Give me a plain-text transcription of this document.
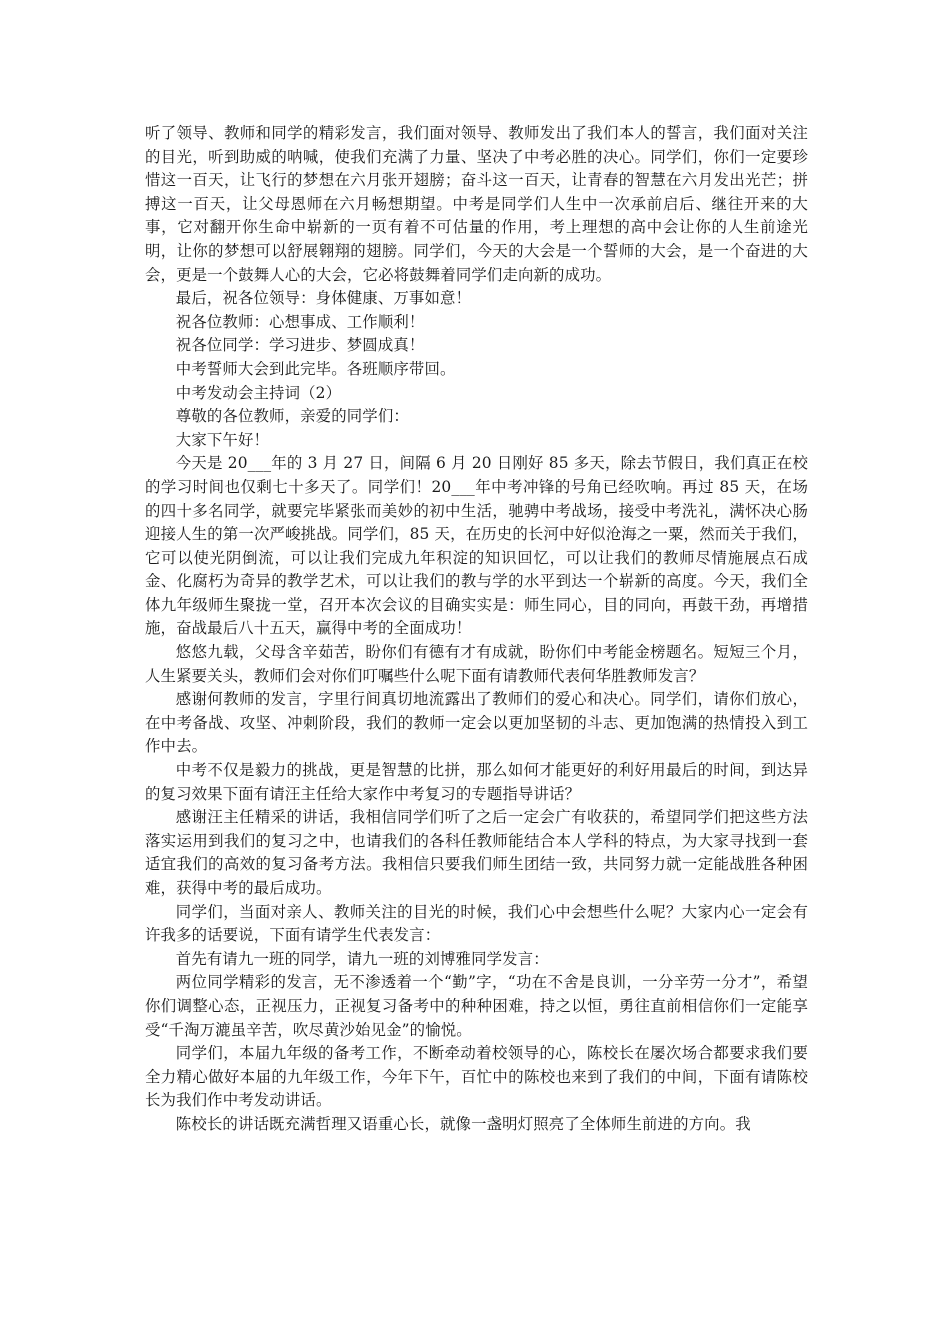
听了领导、教师和同学的精彩发言，我们面对领导、教师发出了我们本人的誓言，我们面对关注的目光，听到助威的呐喊，使我们充满了力量、坚决了中考必胜的决心。同学们，你们一定要珍惜这一百天，让飞行的梦想在六月张开翅膀；奋斗这一百天，让青春的智慧在六月发出光芒；拼搏这一百天，让父母恩师在六月畅想期望。中考是同学们人生中一次承前启后、继往开来的大事，它对翻开你生命中崭新的一页有着不可估量的作用，考上理想的高中会让你的人生前途光明，让你的梦想可以舒展翱翔的翅膀。同学们，今天的大会是一个誓师的大会，是一个奋进的大会，更是一个鼓舞人心的大会，它必将鼓舞着同学们走向新的成功。

最后，祝各位领导：身体健康、万事如意！

祝各位教师：心想事成、工作顺利！

祝各位同学：学习进步、梦圆成真！

中考誓师大会到此完毕。各班顺序带回。

中考发动会主持词（2）

尊敬的各位教师，亲爱的同学们：

大家下午好！

今天是 20___年的 3 月 27 日，间隔 6 月 20 日刚好 85 多天，除去节假日，我们真正在校的学习时间也仅剩七十多天了。同学们！20___年中考冲锋的号角已经吹响。再过 85 天，在场的四十多名同学，就要完毕紧张而美妙的初中生活，驰骋中考战场，接受中考洗礼，满怀决心肠迎接人生的第一次严峻挑战。同学们，85 天，在历史的长河中好似沧海之一粟，然而关于我们，它可以使光阴倒流，可以让我们完成九年积淀的知识回忆，可以让我们的教师尽情施展点石成金、化腐朽为奇异的教学艺术，可以让我们的教与学的水平到达一个崭新的高度。今天，我们全体九年级师生聚拢一堂，召开本次会议的目确实实是：师生同心，目的同向，再鼓干劲，再增措施，奋战最后八十五天，赢得中考的全面成功！

悠悠九载，父母含辛茹苦，盼你们有德有才有成就，盼你们中考能金榜题名。短短三个月，人生紧要关头，教师们会对你们叮嘱些什么呢下面有请教师代表何华胜教师发言？

感谢何教师的发言，字里行间真切地流露出了教师们的爱心和决心。同学们，请你们放心，在中考备战、攻坚、冲刺阶段，我们的教师一定会以更加坚韧的斗志、更加饱满的热情投入到工作中去。

中考不仅是毅力的挑战，更是智慧的比拼，那么如何才能更好的利好用最后的时间，到达异的复习效果下面有请汪主任给大家作中考复习的专题指导讲话？

感谢汪主任精采的讲话，我相信同学们听了之后一定会广有收获的，希望同学们把这些方法落实运用到我们的复习之中，也请我们的各科任教师能结合本人学科的特点，为大家寻找到一套适宜我们的高效的复习备考方法。我相信只要我们师生团结一致，共同努力就一定能战胜各种困难，获得中考的最后成功。

同学们，当面对亲人、教师关注的目光的时候，我们心中会想些什么呢？大家内心一定会有许我多的话要说，下面有请学生代表发言：

首先有请九一班的同学，请九一班的刘博雅同学发言：

两位同学精彩的发言，无不渗透着一个“勤”字，“功在不舍是良训，一分辛劳一分才”，希望你们调整心态，正视压力，正视复习备考中的种种困难，持之以恒，勇往直前相信你们一定能享受“千淘万漉虽辛苦，吹尽黄沙始见金”的愉悦。

同学们，本届九年级的备考工作，不断牵动着校领导的心，陈校长在屡次场合都要求我们要全力精心做好本届的九年级工作，今年下午，百忙中的陈校也来到了我们的中间，下面有请陈校长为我们作中考发动讲话。

陈校长的讲话既充满哲理又语重心长，就像一盏明灯照亮了全体师生前进的方向。我
